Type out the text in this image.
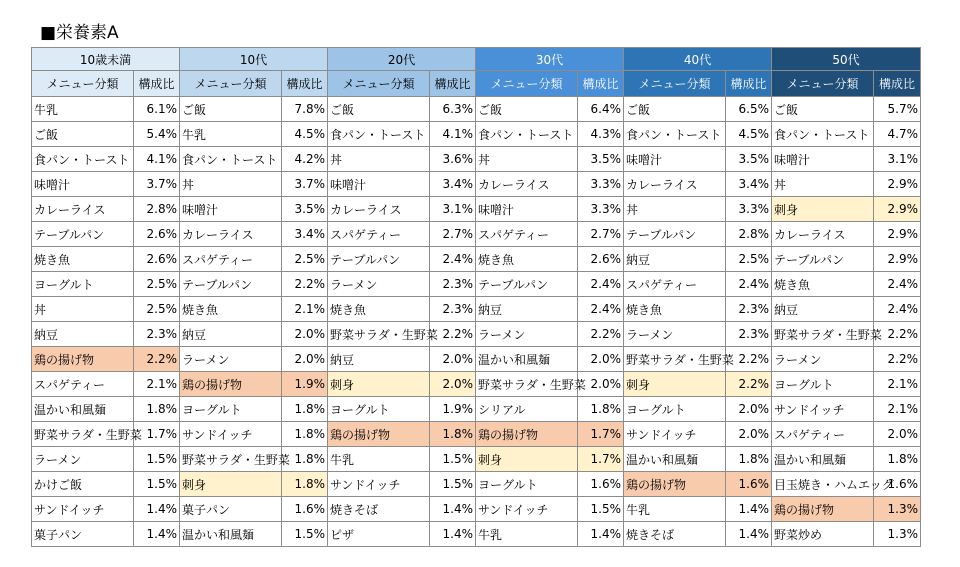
■栄養素A
10歳未満		10代		20代		30代		40代		50代	
メニュー分類	構成比	メニュー分類	構成比	メニュー分類	構成比	メニュー分類	構成比	メニュー分類	構成比	メニュー分類	構成比
牛乳	6.1%	ご飯	7.8%	ご飯	6.3%	ご飯	6.4%	ご飯	6.5%	ご飯	5.7%
ご飯	5.4%	牛乳	4.5%	食パン・トースト	4.1%	食パン・トースト	4.3%	食パン・トースト	4.5%	食パン・トースト	4.7%
食パン・トースト	4.1%	食パン・トースト	4.2%	丼	3.6%	丼	3.5%	味噌汁	3.5%	味噌汁	3.1%
味噌汁	3.7%	丼	3.7%	味噌汁	3.4%	カレーライス	3.3%	カレーライス	3.4%	丼	2.9%
カレーライス	2.8%	味噌汁	3.5%	カレーライス	3.1%	味噌汁	3.3%	丼	3.3%	刺身	2.9%
テーブルパン	2.6%	カレーライス	3.4%	スパゲティー	2.7%	スパゲティー	2.7%	テーブルパン	2.8%	カレーライス	2.9%
焼き魚	2.6%	スパゲティー	2.5%	テーブルパン	2.4%	焼き魚	2.6%	納豆	2.5%	テーブルパン	2.9%
ヨーグルト	2.5%	テーブルパン	2.2%	ラーメン	2.3%	テーブルパン	2.4%	スパゲティー	2.4%	焼き魚	2.4%
丼	2.5%	焼き魚	2.1%	焼き魚	2.3%	納豆	2.4%	焼き魚	2.3%	納豆	2.4%
納豆	2.3%	納豆	2.0%	野菜サラダ・生野菜	2.2%	ラーメン	2.2%	ラーメン	2.3%	野菜サラダ・生野菜	2.2%
鶏の揚げ物	2.2%	ラーメン	2.0%	納豆	2.0%	温かい和風麺	2.0%	野菜サラダ・生野菜	2.2%	ラーメン	2.2%
スパゲティー	2.1%	鶏の揚げ物	1.9%	刺身	2.0%	野菜サラダ・生野菜	2.0%	刺身	2.2%	ヨーグルト	2.1%
温かい和風麺	1.8%	ヨーグルト	1.8%	ヨーグルト	1.9%	シリアル	1.8%	ヨーグルト	2.0%	サンドイッチ	2.1%
野菜サラダ・生野菜	1.7%	サンドイッチ	1.8%	鶏の揚げ物	1.8%	鶏の揚げ物	1.7%	サンドイッチ	2.0%	スパゲティー	2.0%
ラーメン	1.5%	野菜サラダ・生野菜	1.8%	牛乳	1.5%	刺身	1.7%	温かい和風麺	1.8%	温かい和風麺	1.8%
かけご飯	1.5%	刺身	1.8%	サンドイッチ	1.5%	ヨーグルト	1.6%	鶏の揚げ物	1.6%	目玉焼き・ハムエッグ	1.6%
サンドイッチ	1.4%	菓子パン	1.6%	焼きそば	1.4%	サンドイッチ	1.5%	牛乳	1.4%	鶏の揚げ物	1.3%
菓子パン	1.4%	温かい和風麺	1.5%	ピザ	1.4%	牛乳	1.4%	焼きそば	1.4%	野菜炒め	1.3%
